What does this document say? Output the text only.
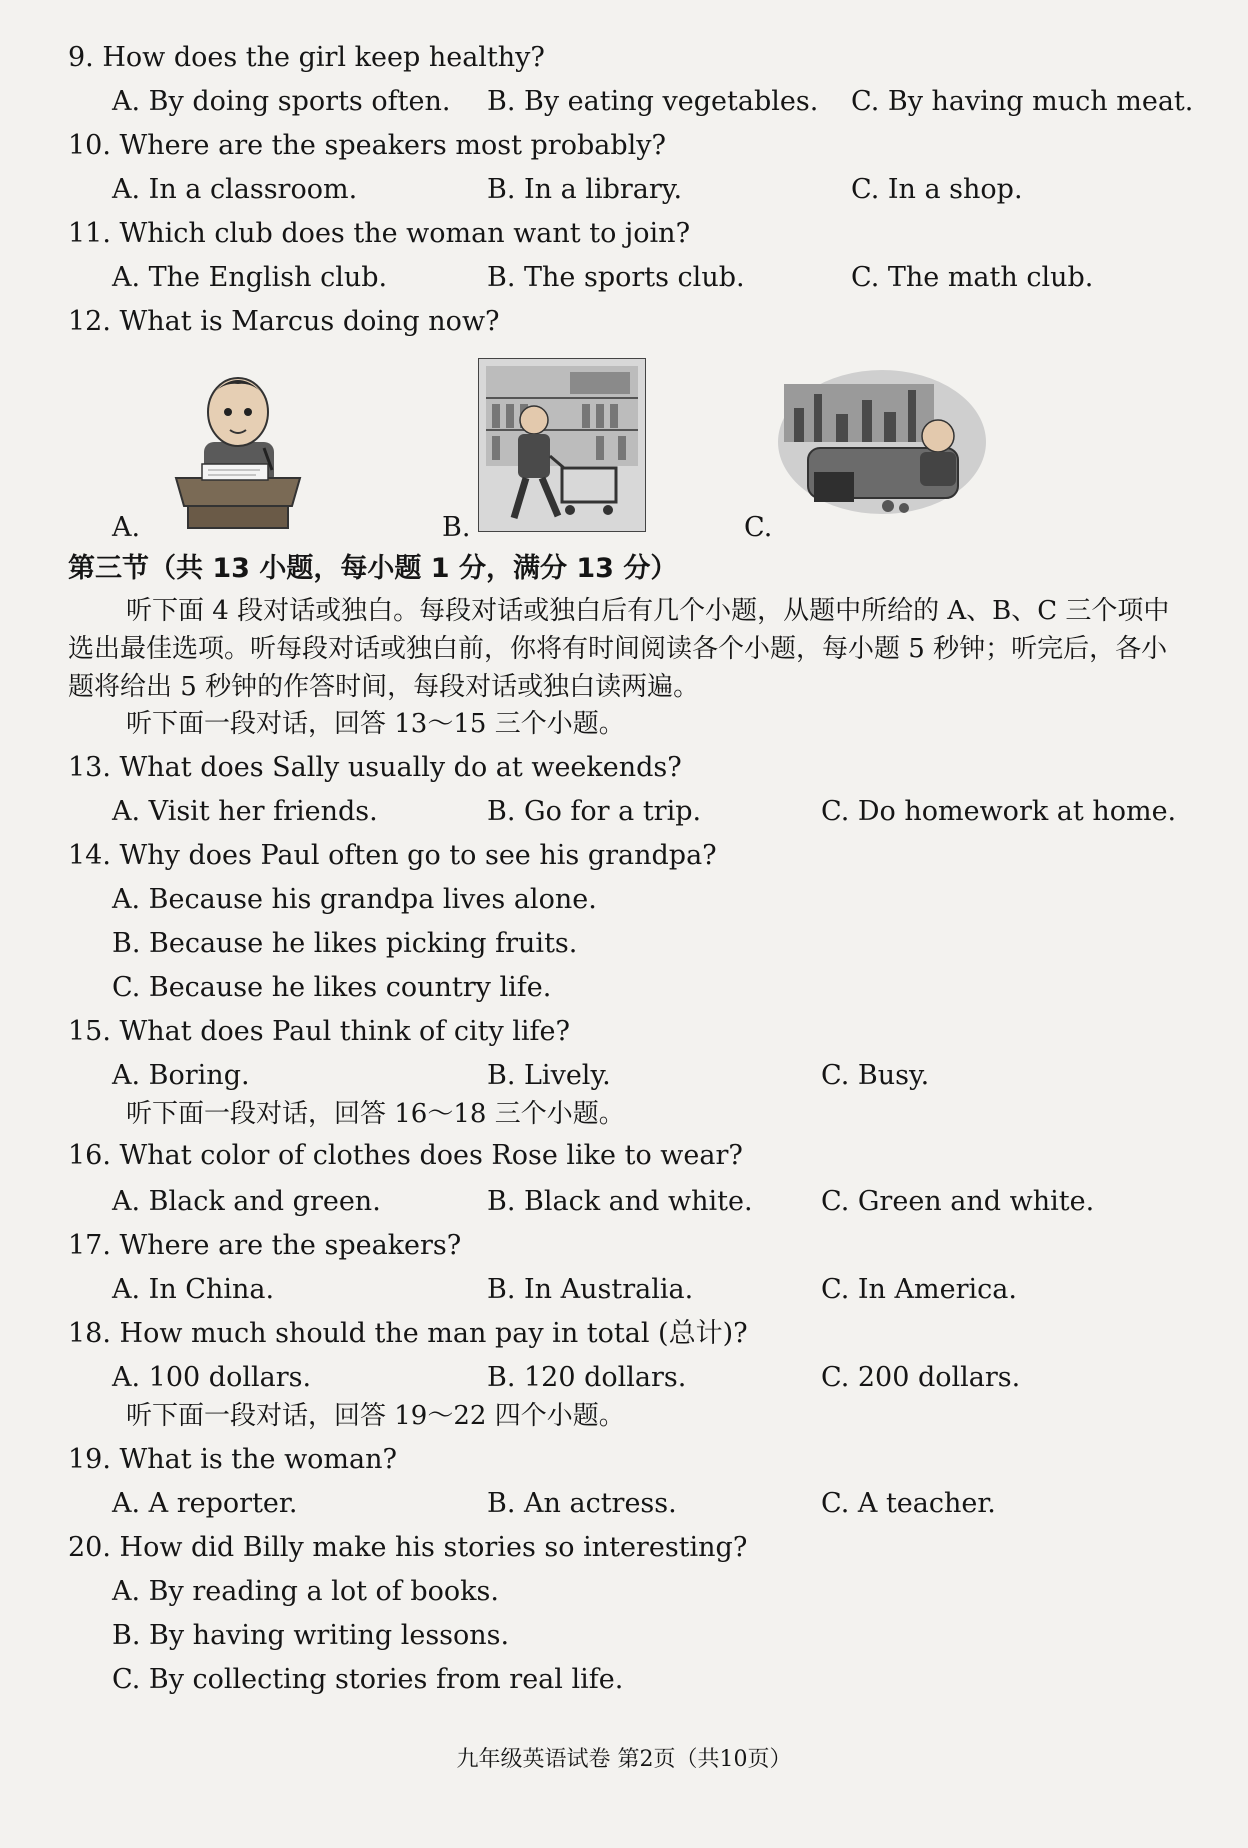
9. How does the girl keep healthy?
A. By doing sports often. B. By eating vegetables. C. By having much meat.
10. Where are the speakers most probably?
A. In a classroom.	B. In a library.	C. In a shop.
11. Which club does the woman want to join?
A. The English club.	B. The sports club.	C. The math club.
12. What is Marcus doing now?
A.	B.	C.
第三节（共 13 小题，每小题 1 分，满分 13 分）
听下面 4 段对话或独白。每段对话或独白后有几个小题，从题中所给的 A、B、C 三个项中选出最佳选项。听每段对话或独白前，你将有时间阅读各个小题，每小题 5 秒钟；听完后，各小题将给出 5 秒钟的作答时间，每段对话或独白读两遍。
听下面一段对话，回答 13～15 三个小题。
13. What does Sally usually do at weekends?
A. Visit her friends.	B. Go for a trip.	C. Do homework at home.
14. Why does Paul often go to see his grandpa?
A. Because his grandpa lives alone.
B. Because he likes picking fruits.
C. Because he likes country life.
15. What does Paul think of city life?
A. Boring.	B. Lively.	C. Busy.
听下面一段对话，回答 16～18 三个小题。
16. What color of clothes does Rose like to wear?
A. Black and green.	B. Black and white.	C. Green and white.
17. Where are the speakers?
A. In China.	B. In Australia.	C. In America.
18. How much should the man pay in total (总计)?
A. 100 dollars.	B. 120 dollars.	C. 200 dollars.
听下面一段对话，回答 19～22 四个小题。
19. What is the woman?
A. A reporter.	B. An actress.	C. A teacher.
20. How did Billy make his stories so interesting?
A. By reading a lot of books.
B. By having writing lessons.
C. By collecting stories from real life.
九年级英语试卷 第2页（共10页）
